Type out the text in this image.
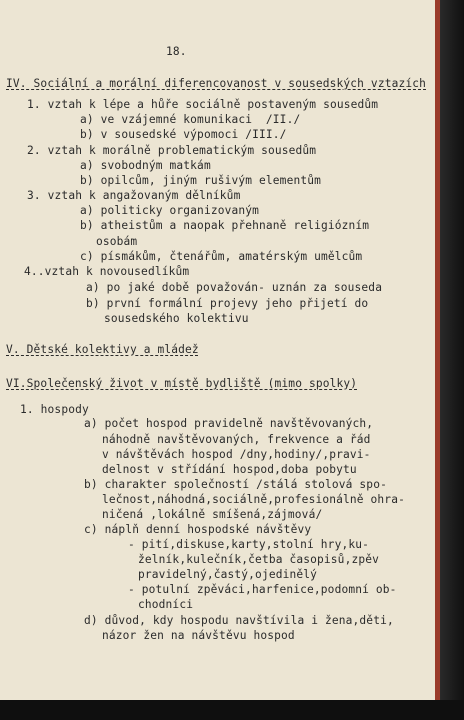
18.
IV. Sociální a morální diferencovanost v sousedských vztazích
1. vztah k lépe a hůře sociálně postaveným sousedům
a) ve vzájemné komunikaci  /II./
b) v sousedské výpomoci /III./
2. vztah k morálně problematickým sousedům
a) svobodným matkám
b) opilcům, jiným rušivým elementům
3. vztah k angažovaným dělníkům
a) politicky organizovaným
b) atheistům a naopak přehnaně religiózním
osobám
c) písmákům, čtenářům, amatérským umělcům
4..vztah k novousedlíkům
a) po jaké době považován- uznán za souseda
b) první formální projevy jeho přijetí do
sousedského kolektivu
V. Dětské kolektivy a mládež
VI.Společenský život v místě bydliště (mimo spolky)
1. hospody
a) počet hospod pravidelně navštěvovaných,
náhodně navštěvovaných, frekvence a řád
v návštěvách hospod /dny,hodiny/,pravi-
delnost v střídání hospod,doba pobytu
b) charakter společností /stálá stolová spo-
lečnost,náhodná,sociálně,profesionálně ohra-
ničená ,lokálně smíšená,zájmová/
c) náplň denní hospodské návštěvy
- pití,diskuse,karty,stolní hry,ku-
želník,kulečník,četba časopisů,zpěv
pravidelný,častý,ojedinělý
- potulní zpěváci,harfenice,podomní ob-
chodníci
d) důvod, kdy hospodu navštívila i žena,děti,
názor žen na návštěvu hospod
